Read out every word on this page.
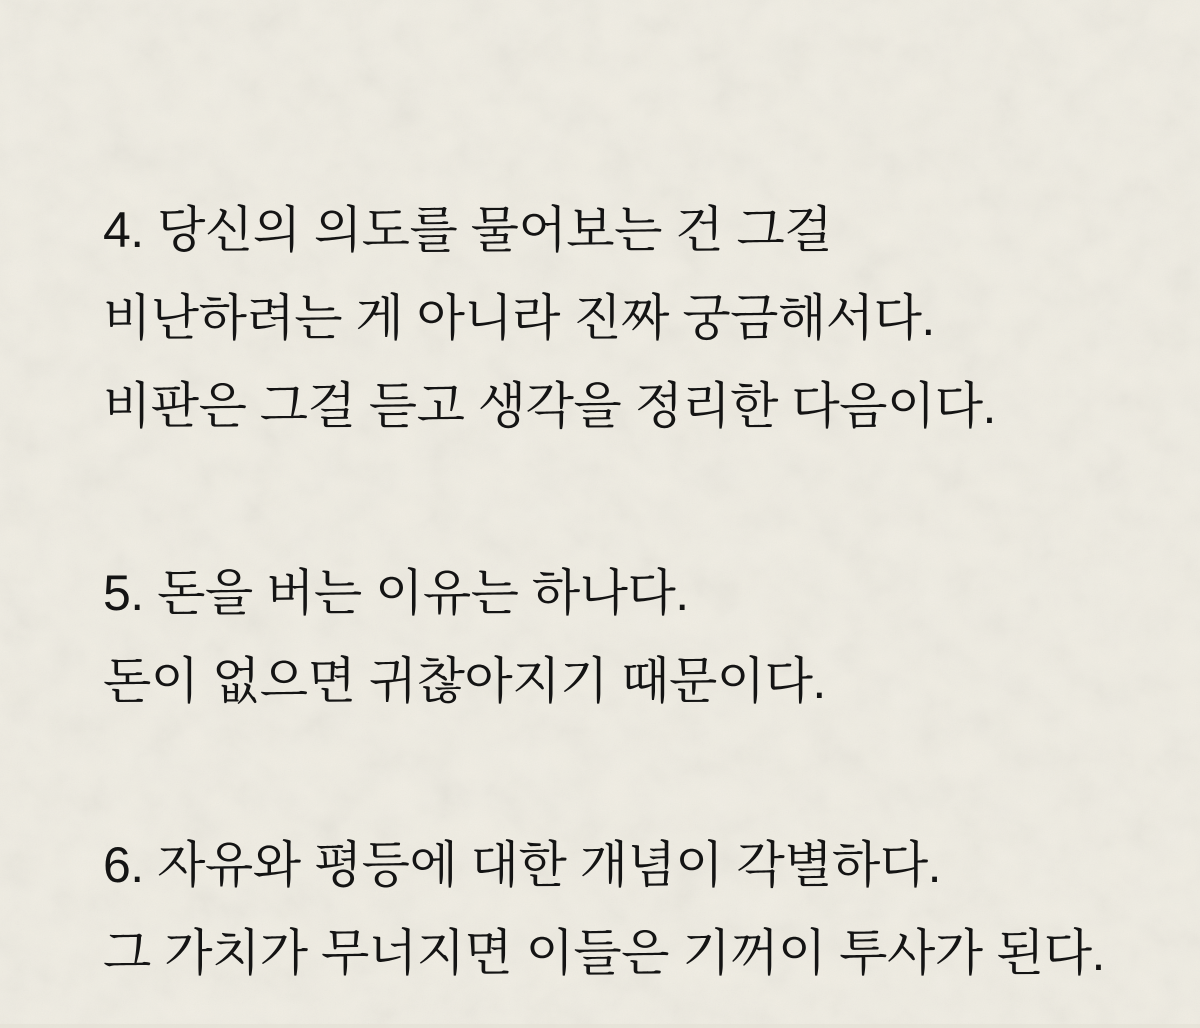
4. 당신의 의도를 물어보는 건 그걸

비난하려는 게 아니라 진짜 궁금해서다.

비판은 그걸 듣고 생각을 정리한 다음이다.

5. 돈을 버는 이유는 하나다.

돈이 없으면 귀찮아지기 때문이다.

6. 자유와 평등에 대한 개념이 각별하다.

그 가치가 무너지면 이들은 기꺼이 투사가 된다.
